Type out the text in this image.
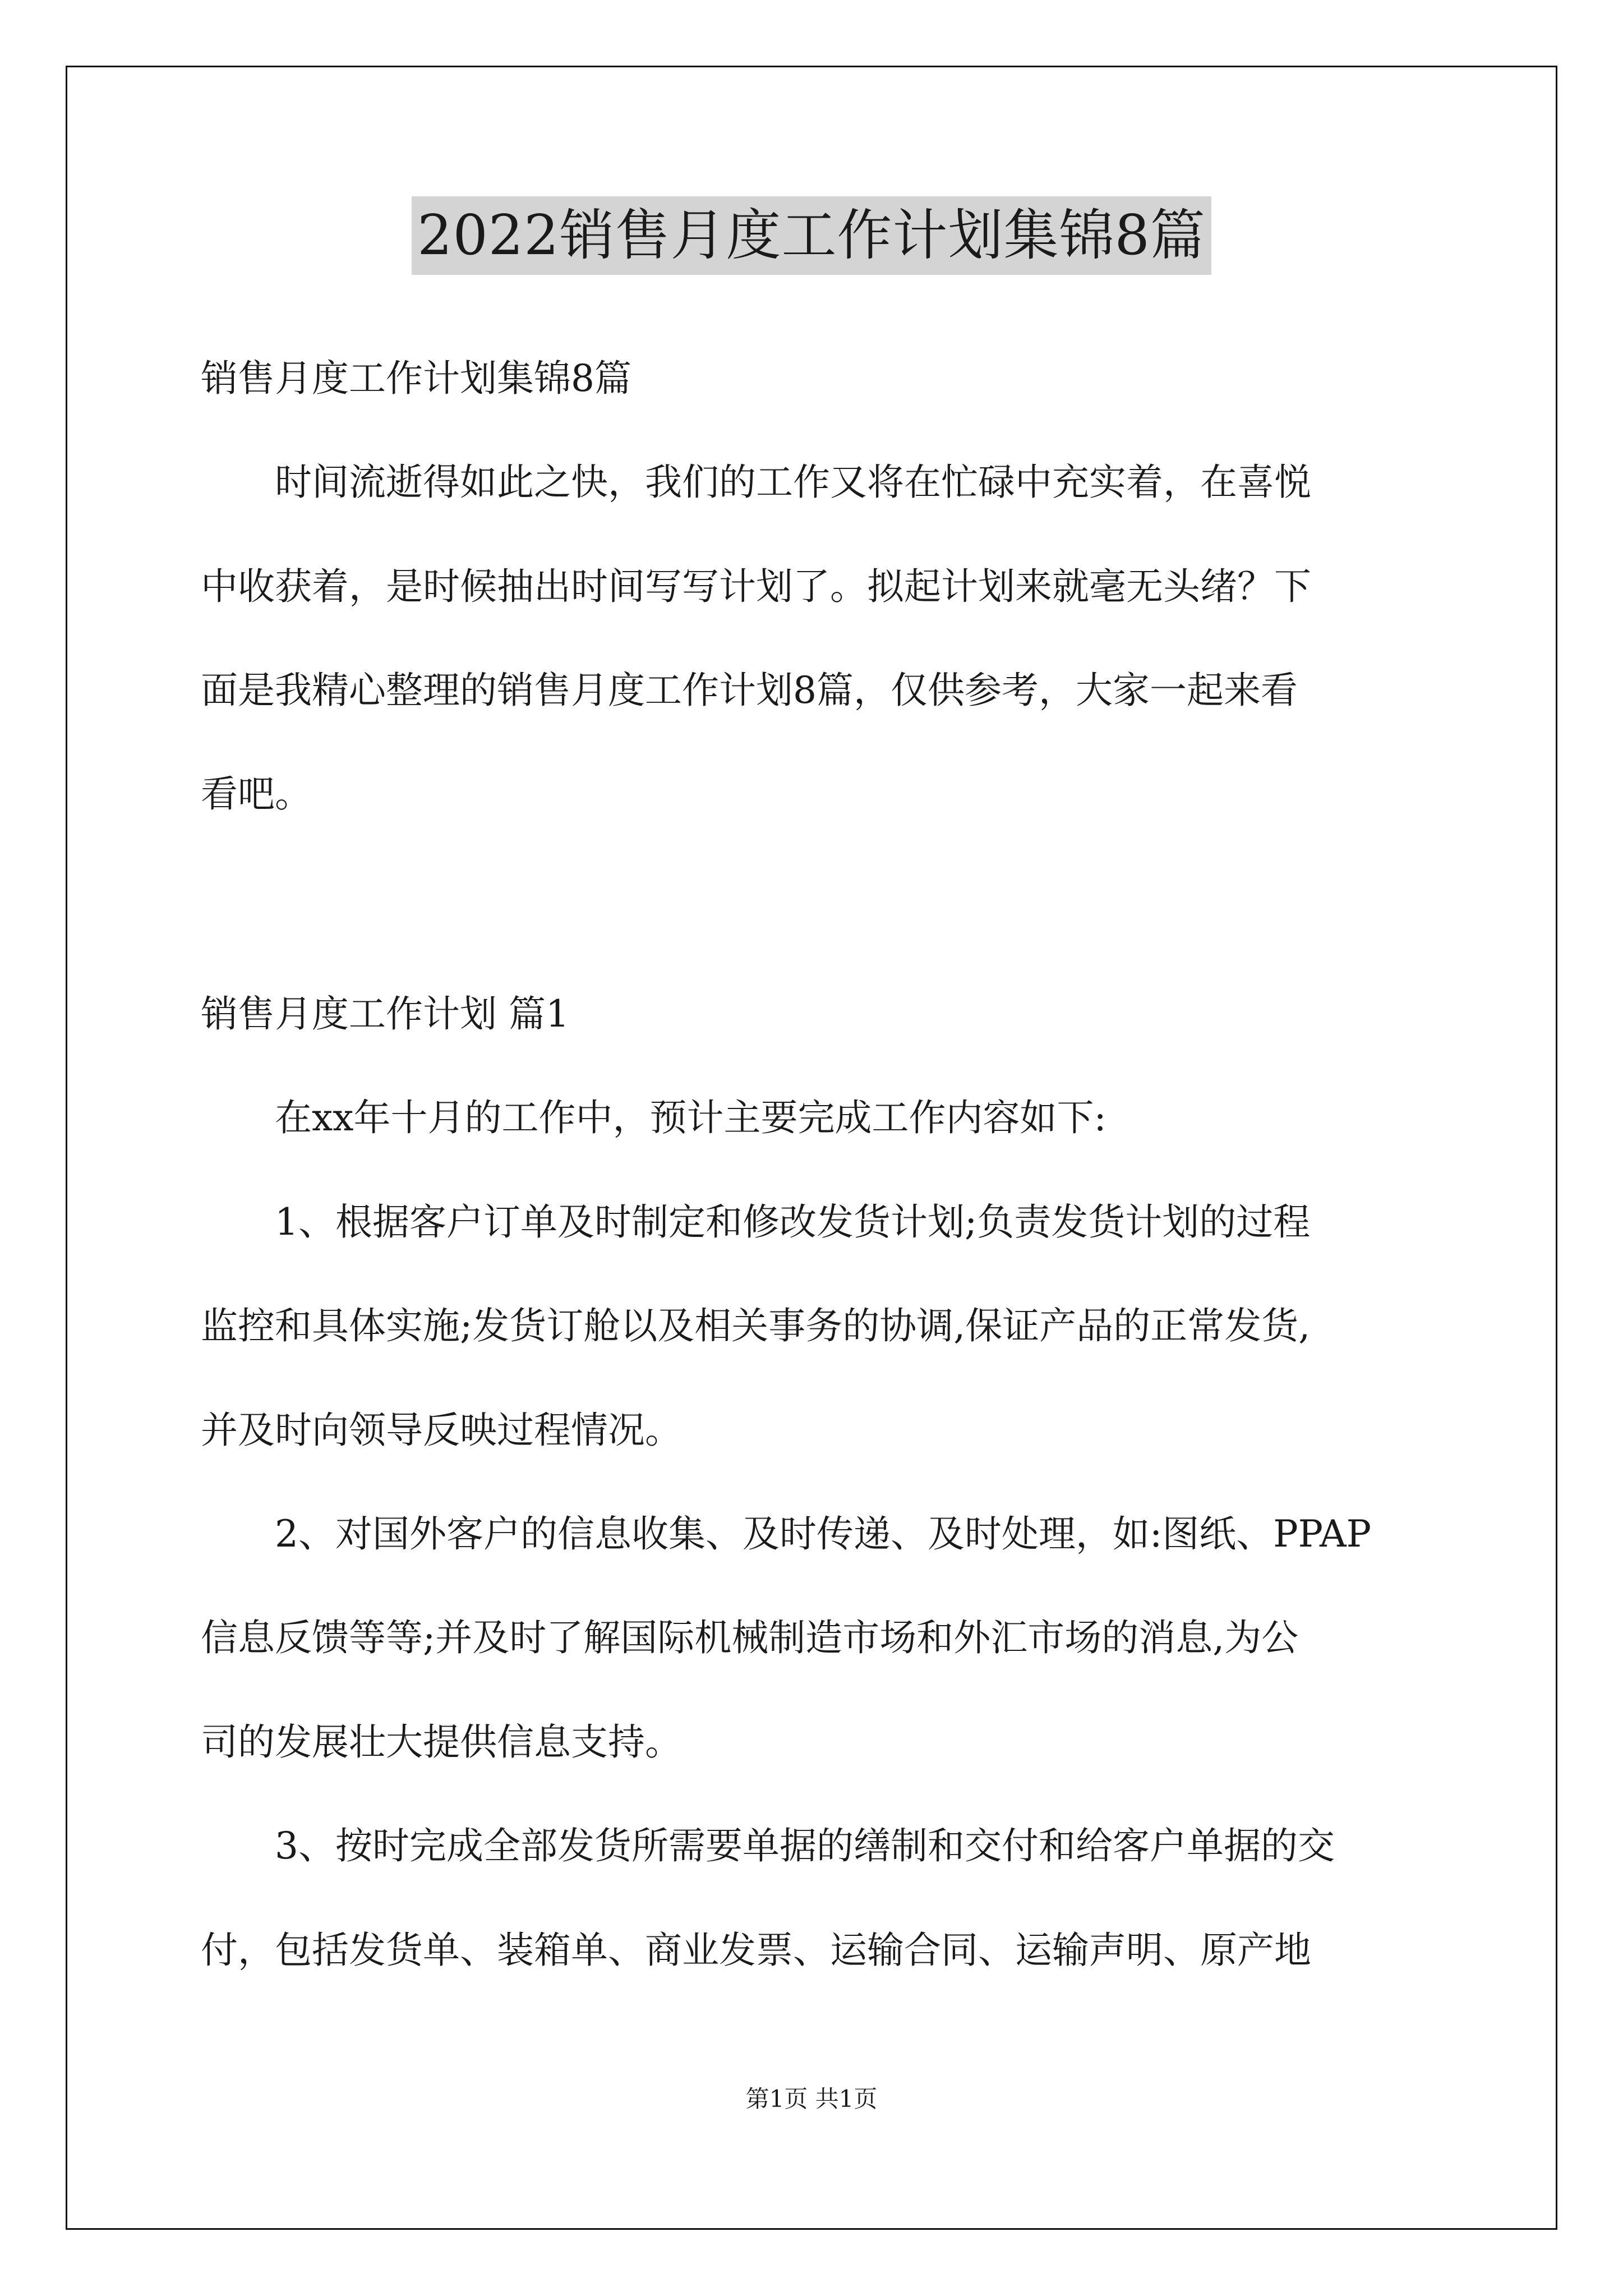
2022销售月度工作计划集锦8篇
销售月度工作计划集锦8篇
时间流逝得如此之快，我们的工作又将在忙碌中充实着，在喜悦
中收获着，是时候抽出时间写写计划了。拟起计划来就毫无头绪？下
面是我精心整理的销售月度工作计划8篇，仅供参考，大家一起来看
看吧。
销售月度工作计划 篇1
在xx年十月的工作中，预计主要完成工作内容如下:
1、根据客户订单及时制定和修改发货计划;负责发货计划的过程
监控和具体实施;发货订舱以及相关事务的协调,保证产品的正常发货,
并及时向领导反映过程情况。
2、对国外客户的信息收集、及时传递、及时处理，如:图纸、PPAP
信息反馈等等;并及时了解国际机械制造市场和外汇市场的消息,为公
司的发展壮大提供信息支持。
3、按时完成全部发货所需要单据的缮制和交付和给客户单据的交
付，包括发货单、装箱单、商业发票、运输合同、运输声明、原产地
第1页 共1页
